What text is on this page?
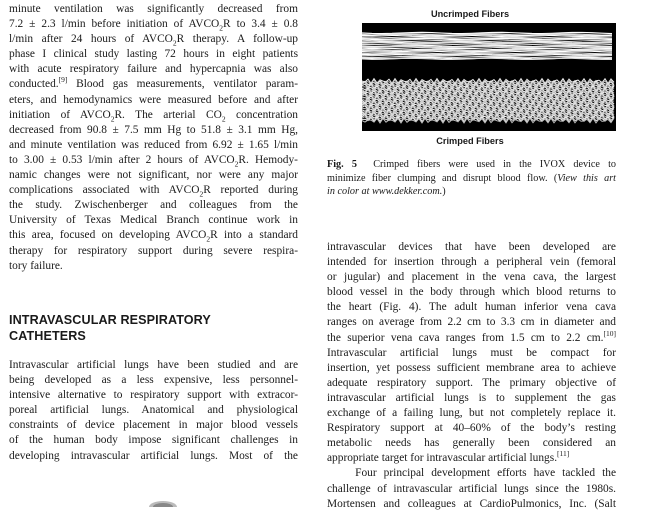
minute ventilation was significantly decreased from
7.2 ± 2.3 l/min before initiation of $AVCO_2R$ to 3.4 ± 0.8
l/min after 24 hours of $AVCO_2R$ therapy. A follow-up
phase I clinical study lasting 72 hours in eight patients
with acute respiratory failure and hypercapnia was also
conducted.[9] Blood gas measurements, ventilator param-
eters, and hemodynamics were measured before and after
initiation of $AVCO_2R$. The arterial $CO_2$ concentration
decreased from 90.8 ± 7.5 mm Hg to 51.8 ± 3.1 mm Hg,
and minute ventilation was reduced from 6.92 ± 1.65 l/min
to 3.00 ± 0.53 l/min after 2 hours of $AVCO_2R$. Hemody-
namic changes were not significant, nor were any major
complications associated with $AVCO_2R$ reported during
the study. Zwischenberger and colleagues from the
University of Texas Medical Branch continue work in
this area, focused on developing $AVCO_2R$ into a standard
therapy for respiratory support during severe respira-
tory failure.
INTRAVASCULAR RESPIRATORY
CATHETERS
Intravascular artificial lungs have been studied and are
being developed as a less expensive, less personnel-
intensive alternative to respiratory support with extracor-
poreal artificial lungs. Anatomical and physiological
constraints of device placement in major blood vessels
of the human body impose significant challenges in
developing intravascular artificial lungs. Most of the
Uncrimped Fibers
Crimped Fibers
Fig. 5 Crimped fibers were used in the IVOX device to
minimize fiber clumping and disrupt blood flow. (View this art
in color at www.dekker.com.)
intravascular devices that have been developed are
intended for insertion through a peripheral vein (femoral
or jugular) and placement in the vena cava, the largest
blood vessel in the body through which blood returns to
the heart (Fig. 4). The adult human inferior vena cava
ranges on average from 2.2 cm to 3.3 cm in diameter and
the superior vena cava ranges from 1.5 cm to 2.2 cm.[10]
Intravascular artificial lungs must be compact for
insertion, yet possess sufficient membrane area to achieve
adequate respiratory support. The primary objective of
intravascular artificial lungs is to supplement the gas
exchange of a failing lung, but not completely replace it.
Respiratory support at 40–60% of the body’s resting
metabolic needs has generally been considered an
appropriate target for intravascular artificial lungs.[11]
Four principal development efforts have tackled the
challenge of intravascular artificial lungs since the 1980s.
Mortensen and colleagues at CardioPulmonics, Inc. (Salt
